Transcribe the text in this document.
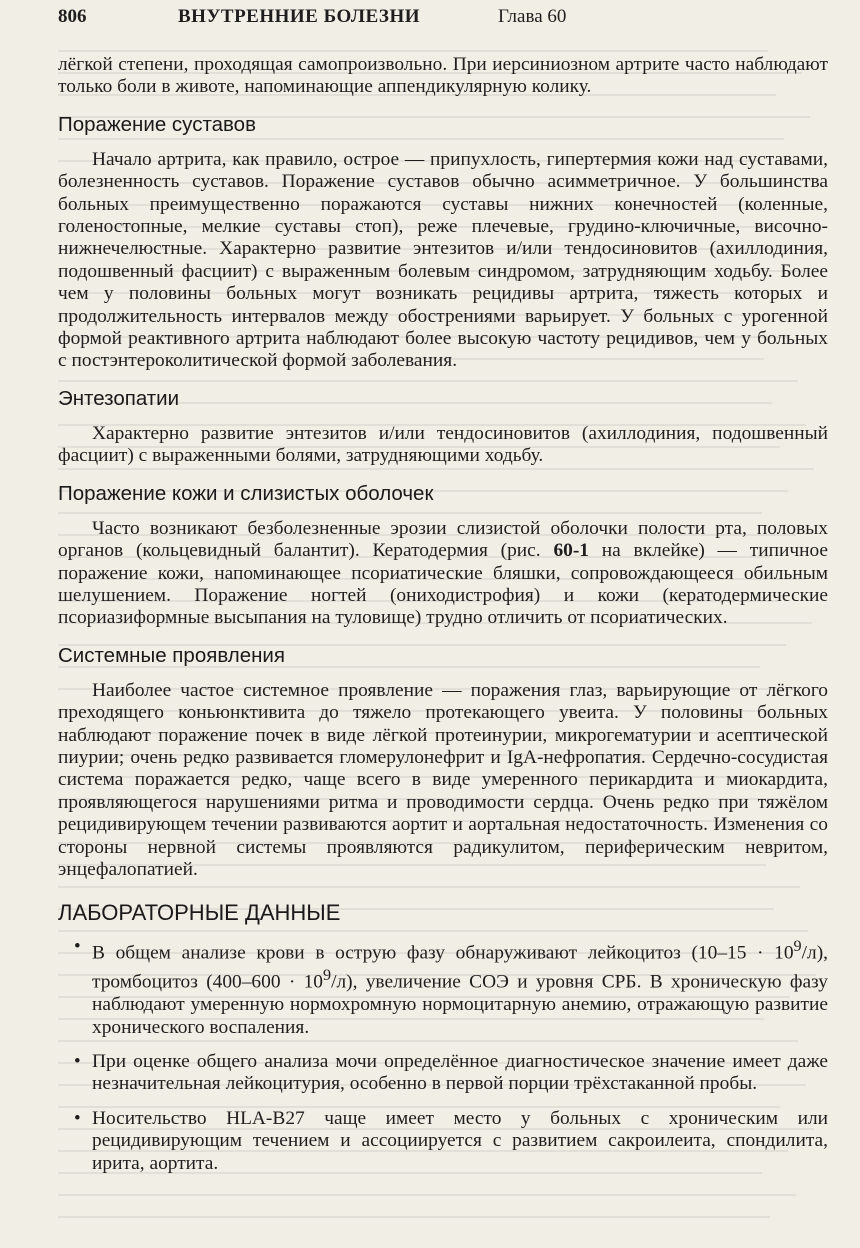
806	ВНУТРЕННИЕ БОЛЕЗНИ	Глава 60

лёгкой степени, проходящая самопроизвольно. При иерсиниозном артрите часто наблюдают только боли в животе, напоминающие аппендикулярную колику.

Поражение суставов

Начало артрита, как правило, острое — припухлость, гипертермия кожи над суставами, болезненность суставов. Поражение суставов обычно асимметричное. У большинства больных преимущественно поражаются суставы нижних конечностей (коленные, голеностопные, мелкие суставы стоп), реже плечевые, грудино-ключичные, височно-нижнечелюстные. Характерно развитие энтезитов и/или тендосиновитов (ахиллодиния, подошвенный фасциит) с выраженным болевым синдромом, затрудняющим ходьбу. Более чем у половины больных могут возникать рецидивы артрита, тяжесть которых и продолжительность интервалов между обострениями варьирует. У больных с урогенной формой реактивного артрита наблюдают более высокую частоту рецидивов, чем у больных с постэнтероколитической формой заболевания.

Энтезопатии

Характерно развитие энтезитов и/или тендосиновитов (ахиллодиния, подошвенный фасциит) с выраженными болями, затрудняющими ходьбу.

Поражение кожи и слизистых оболочек

Часто возникают безболезненные эрозии слизистой оболочки полости рта, половых органов (кольцевидный балантит). Кератодермия (рис. 60-1 на вклейке) — типичное поражение кожи, напоминающее псориатические бляшки, сопровождающееся обильным шелушением. Поражение ногтей (ониходистрофия) и кожи (кератодермические псориазиформные высыпания на туловище) трудно отличить от псориатических.

Системные проявления

Наиболее частое системное проявление — поражения глаз, варьирующие от лёгкого преходящего коньюнктивита до тяжело протекающего увеита. У половины больных наблюдают поражение почек в виде лёгкой протеинурии, микрогематурии и асептической пиурии; очень редко развивается гломерулонефрит и IgA-нефропатия. Сердечно-сосудистая система поражается редко, чаще всего в виде умеренного перикардита и миокардита, проявляющегося нарушениями ритма и проводимости сердца. Очень редко при тяжёлом рецидивирующем течении развиваются аортит и аортальная недостаточность. Изменения со стороны нервной системы проявляются радикулитом, периферическим невритом, энцефалопатией.

ЛАБОРАТОРНЫЕ ДАННЫЕ
• В общем анализе крови в острую фазу обнаруживают лейкоцитоз $(10-15 \cdot 10^9/л)$, тромбоцитоз $(400-600 \cdot 10^9/л)$, увеличение СОЭ и уровня СРБ. В хроническую фазу наблюдают умеренную нормохромную нормоцитарную анемию, отражающую развитие хронического воспаления.

• При оценке общего анализа мочи определённое диагностическое значение имеет даже незначительная лейкоцитурия, особенно в первой порции трёхстаканной пробы.

• Носительство HLA-B27 чаще имеет место у больных с хроническим или рецидивирующим течением и ассоциируется с развитием сакроилеита, спондилита, ирита, аортита.
